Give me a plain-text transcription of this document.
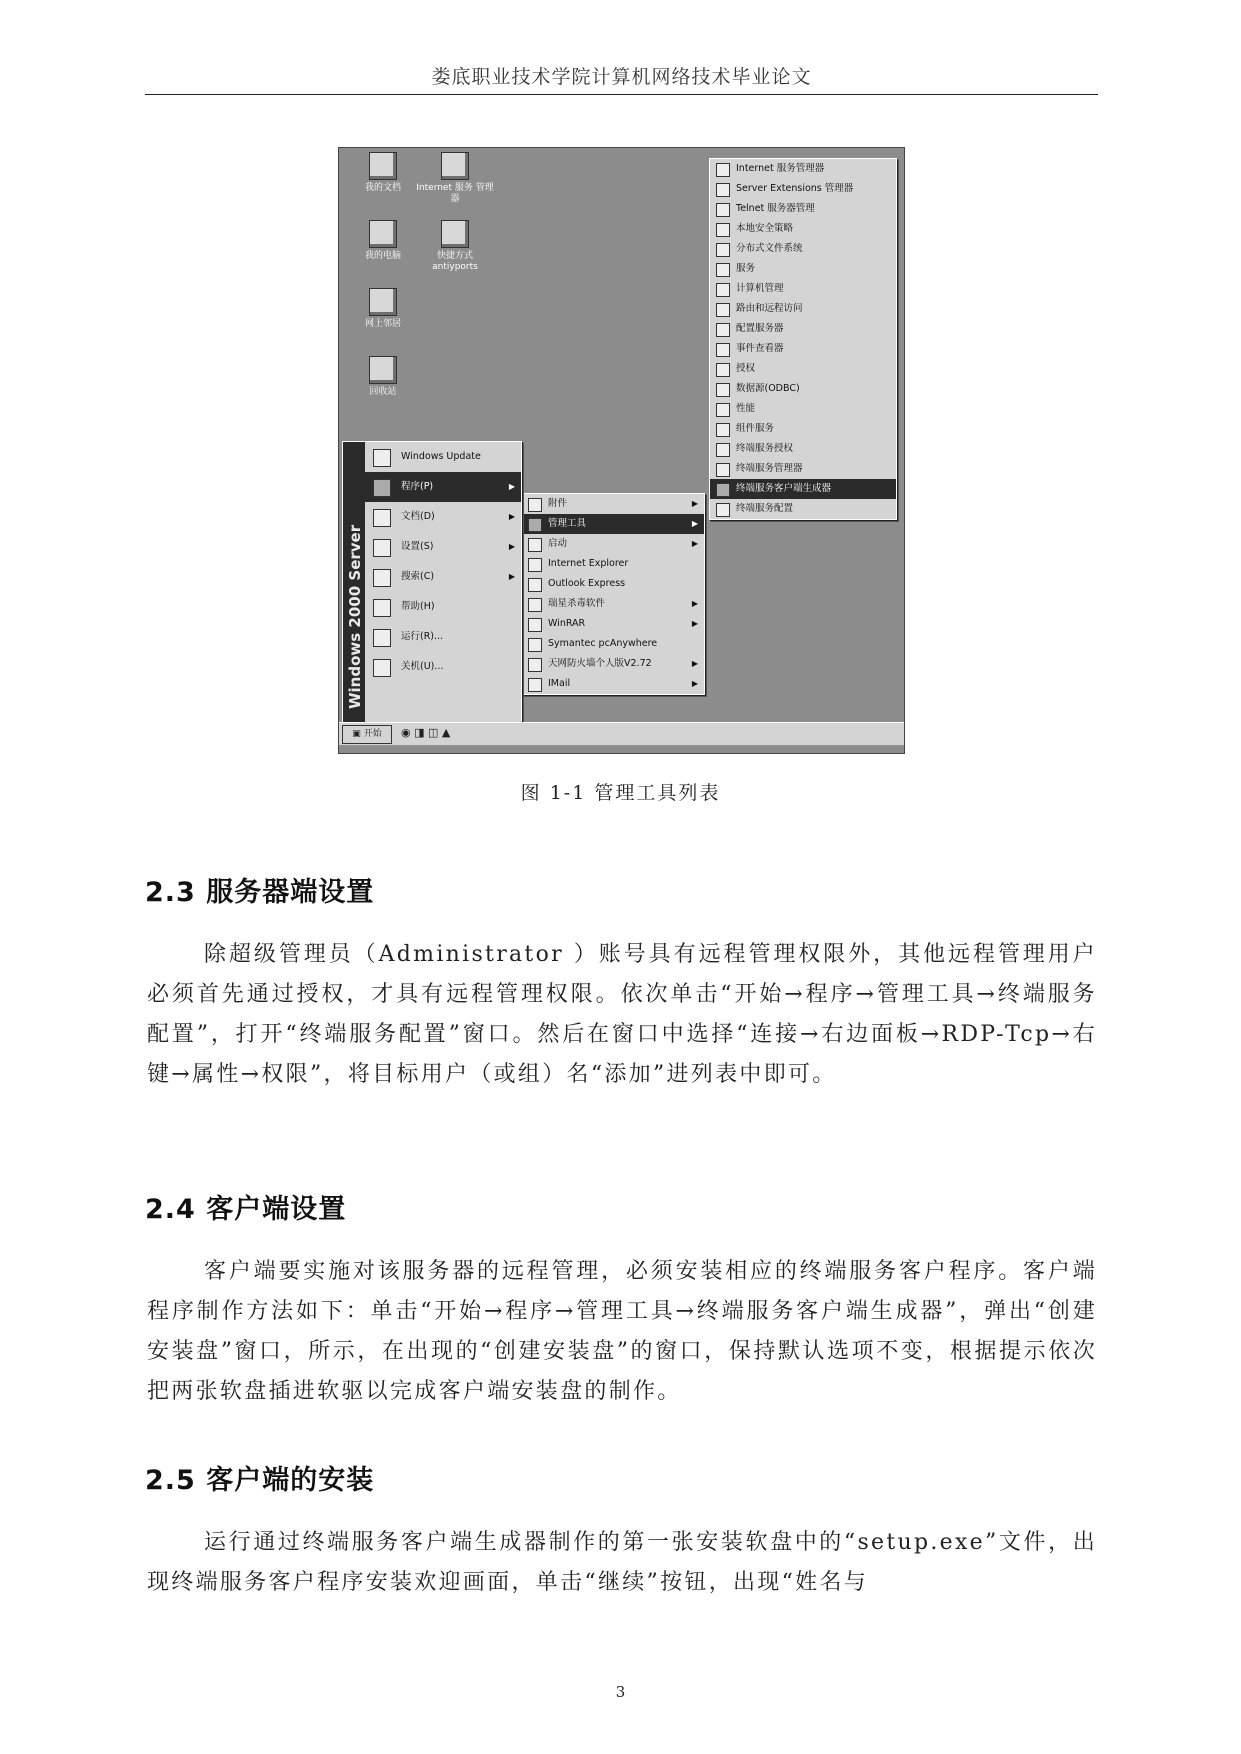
娄底职业技术学院计算机网络技术毕业论文
我的文档	Internet 服务 管理器
我的电脑	快捷方式 antiyports
网上邻居
回收站
Internet 服务管理器
Server Extensions 管理器
Telnet 服务器管理
本地安全策略
分布式文件系统
服务
计算机管理
路由和远程访问
配置服务器
事件查看器
授权
数据源(ODBC)
性能
组件服务
终端服务授权
终端服务管理器
终端服务客户端生成器
终端服务配置
附件	▶
管理工具	▶
启动	▶
Internet Explorer
Outlook Express
瑞星杀毒软件	▶
WinRAR	▶
Symantec pcAnywhere
天网防火墙个人版V2.72	▶
IMail	▶
Windows 2000 Server
Windows Update
程序(P)	▶
文档(D)	▶
设置(S)	▶
搜索(C)	▶
帮助(H)
运行(R)...
关机(U)...
▣ 开始	◉ ◨ ◫ ▲
图 1-1 管理工具列表
2.3 服务器端设置

除超级管理员（Administrator ）账号具有远程管理权限外，其他远程管理用户必须首先通过授权，才具有远程管理权限。依次单击“开始→程序→管理工具→终端服务配置”，打开“终端服务配置”窗口。然后在窗口中选择“连接→右边面板→RDP-Tcp→右键→属性→权限”，将目标用户（或组）名“添加”进列表中即可。

2.4 客户端设置

客户端要实施对该服务器的远程管理，必须安装相应的终端服务客户程序。客户端程序制作方法如下：单击“开始→程序→管理工具→终端服务客户端生成器”，弹出“创建安装盘”窗口，所示，在出现的“创建安装盘”的窗口，保持默认选项不变，根据提示依次把两张软盘插进软驱以完成客户端安装盘的制作。

2.5 客户端的安装

运行通过终端服务客户端生成器制作的第一张安装软盘中的“setup.exe”文件，出现终端服务客户程序安装欢迎画面，单击“继续”按钮，出现“姓名与

3
